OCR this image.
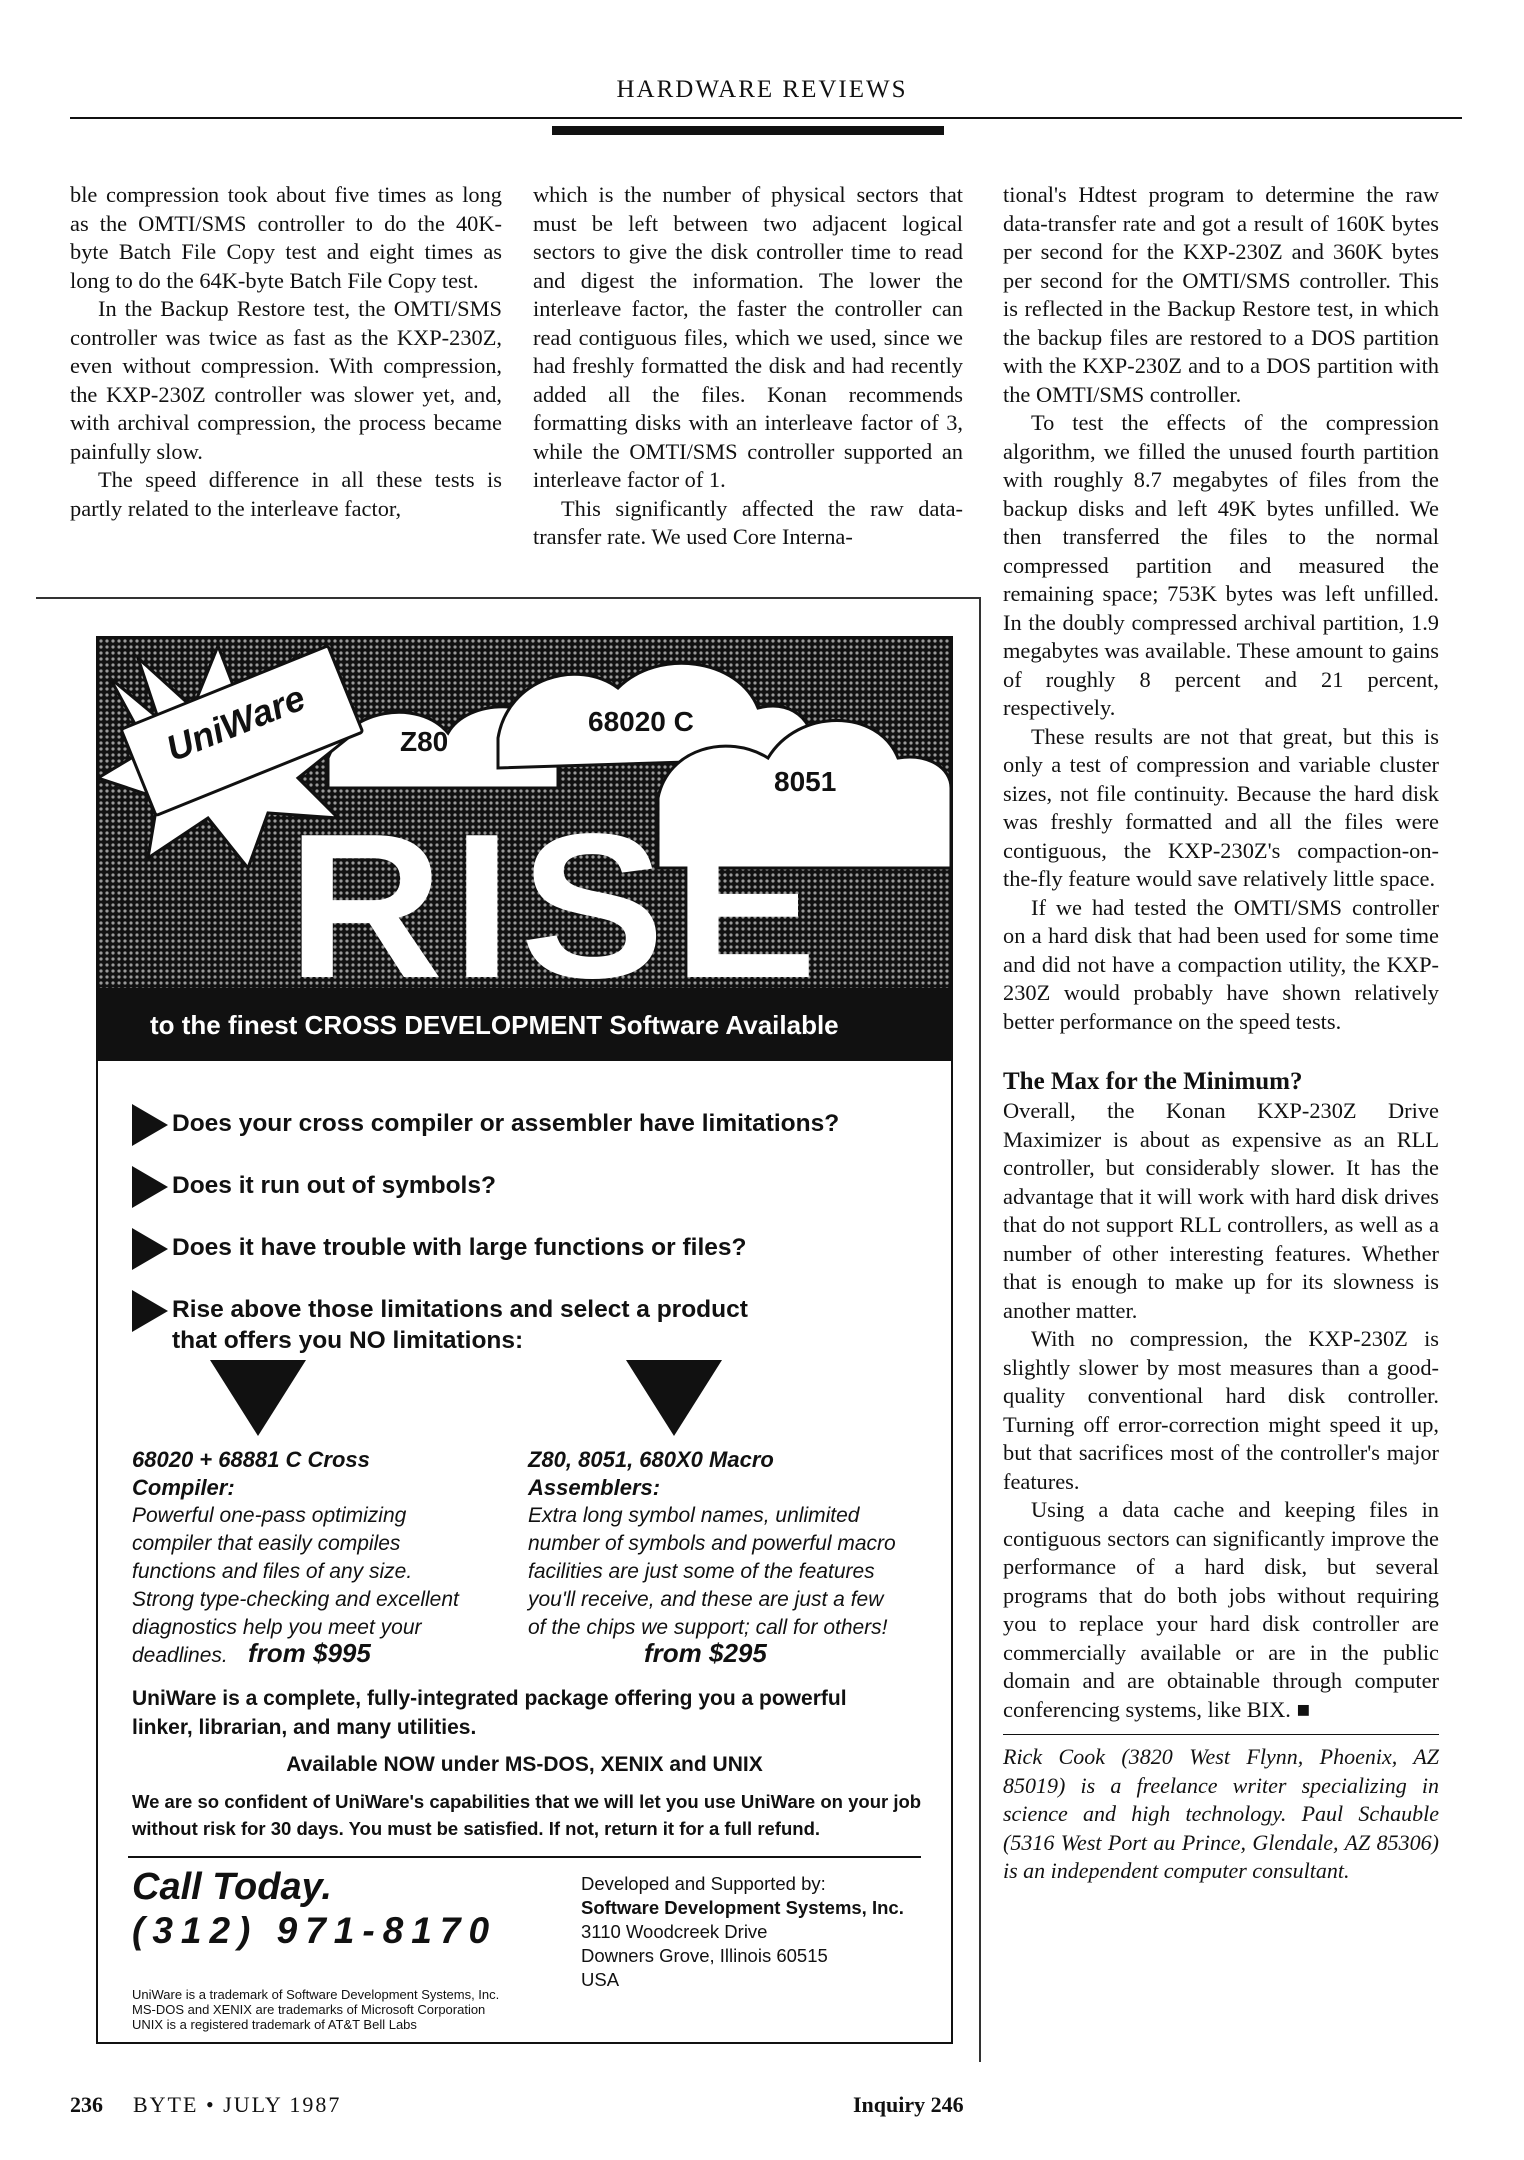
HARDWARE REVIEWS

ble compression took about five times as long as the OMTI/SMS controller to do the 40K-byte Batch File Copy test and eight times as long to do the 64K-byte Batch File Copy test.

In the Backup Restore test, the OMTI/SMS controller was twice as fast as the KXP-230Z, even without compression. With compression, the KXP-230Z controller was slower yet, and, with archival compression, the process became painfully slow.

The speed difference in all these tests is partly related to the interleave factor,

which is the number of physical sectors that must be left between two adjacent logical sectors to give the disk controller time to read and digest the information. The lower the interleave factor, the faster the controller can read contiguous files, which we used, since we had freshly formatted the disk and had recently added all the files. Konan recommends formatting disks with an interleave factor of 3, while the OMTI/SMS controller supported an interleave factor of 1.

This significantly affected the raw data-transfer rate. We used Core Interna-

tional's Hdtest program to determine the raw data-transfer rate and got a result of 160K bytes per second for the KXP-230Z and 360K bytes per second for the OMTI/SMS controller. This is reflected in the Backup Restore test, in which the backup files are restored to a DOS partition with the KXP-230Z and to a DOS partition with the OMTI/SMS controller.

To test the effects of the compression algorithm, we filled the unused fourth partition with roughly 8.7 megabytes of files from the backup disks and left 49K bytes unfilled. We then transferred the files to the normal compressed partition and measured the remaining space; 753K bytes was left unfilled. In the doubly compressed archival partition, 1.9 megabytes was available. These amount to gains of roughly 8 percent and 21 percent, respectively.

These results are not that great, but this is only a test of compression and variable cluster sizes, not file continuity. Because the hard disk was freshly formatted and all the files were contiguous, the KXP-230Z's compaction-on-the-fly feature would save relatively little space.

If we had tested the OMTI/SMS controller on a hard disk that had been used for some time and did not have a compaction utility, the KXP-230Z would probably have shown relatively better performance on the speed tests.

The Max for the Minimum?

Overall, the Konan KXP-230Z Drive Maximizer is about as expensive as an RLL controller, but considerably slower. It has the advantage that it will work with hard disk drives that do not support RLL controllers, as well as a number of other interesting features. Whether that is enough to make up for its slowness is another matter.

With no compression, the KXP-230Z is slightly slower by most measures than a good-quality conventional hard disk controller. Turning off error-correction might speed it up, but that sacrifices most of the controller's major features.

Using a data cache and keeping files in contiguous sectors can significantly improve the performance of a hard disk, but several programs that do both jobs without requiring you to replace your hard disk controller are commercially available or are in the public domain and are obtainable through computer conferencing systems, like BIX. ■

Rick Cook (3820 West Flynn, Phoenix, AZ 85019) is a freelance writer specializing in science and high technology. Paul Schauble (5316 West Port au Prince, Glendale, AZ 85306) is an independent computer consultant.

UniWare	Z80
68020 C
8051
RISE
to the finest CROSS DEVELOPMENT Software Available
Does your cross compiler or assembler have limitations?
Does it run out of symbols?
Does it have trouble with large functions or files?
Rise above those limitations and select a product that offers you NO limitations:
68020 + 68881 C Cross Compiler:
Powerful one-pass optimizing compiler that easily compiles functions and files of any size. Strong type-checking and excellent diagnostics help you meet your deadlines.
Z80, 8051, 680X0 Macro Assemblers:
Extra long symbol names, unlimited number of symbols and powerful macro facilities are just some of the features you'll receive, and these are just a few of the chips we support; call for others!
from $995	from $295
UniWare is a complete, fully-integrated package offering you a powerful linker, librarian, and many utilities.
Available NOW under MS-DOS, XENIX and UNIX
We are so confident of UniWare's capabilities that we will let you use UniWare on your job without risk for 30 days. You must be satisfied. If not, return it for a full refund.
Call Today.
(312) 971-8170
Developed and Supported by:
Software Development Systems, Inc.
3110 Woodcreek Drive
Downers Grove, Illinois 60515
USA
UniWare is a trademark of Software Development Systems, Inc.
MS-DOS and XENIX are trademarks of Microsoft Corporation
UNIX is a registered trademark of AT&T Bell Labs
236 BYTE • JULY 1987	Inquiry 246
